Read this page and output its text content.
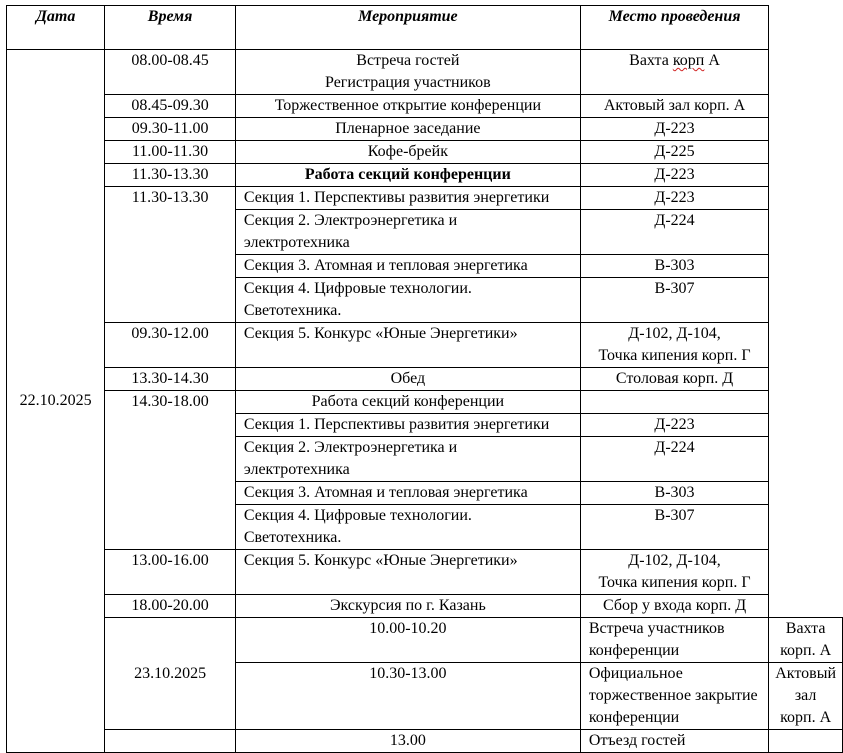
Дата	Время	Мероприятие	Место проведения	

22.10.2025	08.00-08.45	Встреча гостей
Регистрация участников	Вахта корп А	
	08.45-09.30	Торжественное открытие конференции	Актовый зал корп. А	
	09.30-11.00	Пленарное заседание	Д-223	
	11.00-11.30	Кофе-брейк	Д-225	
	11.30-13.30	Работа секций конференции	Д-223	
	11.30-13.30	Секция 1. Перспективы развития энергетики	Д-223	

		Секция 2. Электроэнергетика и
электротехника	Д-224	
		Секция 3. Атомная и тепловая энергетика	В-303	

		Секция 4. Цифровые технологии.
Светотехника.	В-307	
	09.30-12.00	Секция 5. Конкурс «Юные Энергетики»	Д-102, Д-104,
Точка кипения корп. Г	

	13.30-14.30	Обед	Столовая корп. Д	
	14.30-18.00	Работа секций конференции		
		Секция 1. Перспективы развития энергетики	Д-223	

		Секция 2. Электроэнергетика и
электротехника	Д-224	
		Секция 3. Атомная и тепловая энергетика	В-303	

		Секция 4. Цифровые технологии.
Светотехника.	В-307	
	13.00-16.00	Секция 5. Конкурс «Юные Энергетики»	Д-102, Д-104,
Точка кипения корп. Г	

	18.00-20.00	Экскурсия по г. Казань	Сбор у входа корп. Д	
	23.10.2025	10.00-10.20	Встреча участников конференции	Вахта корп. А
		10.30-13.00	Официальное торжественное закрытие
конференции	Актовый зал корп. А
		13.00	Отъезд гостей	
